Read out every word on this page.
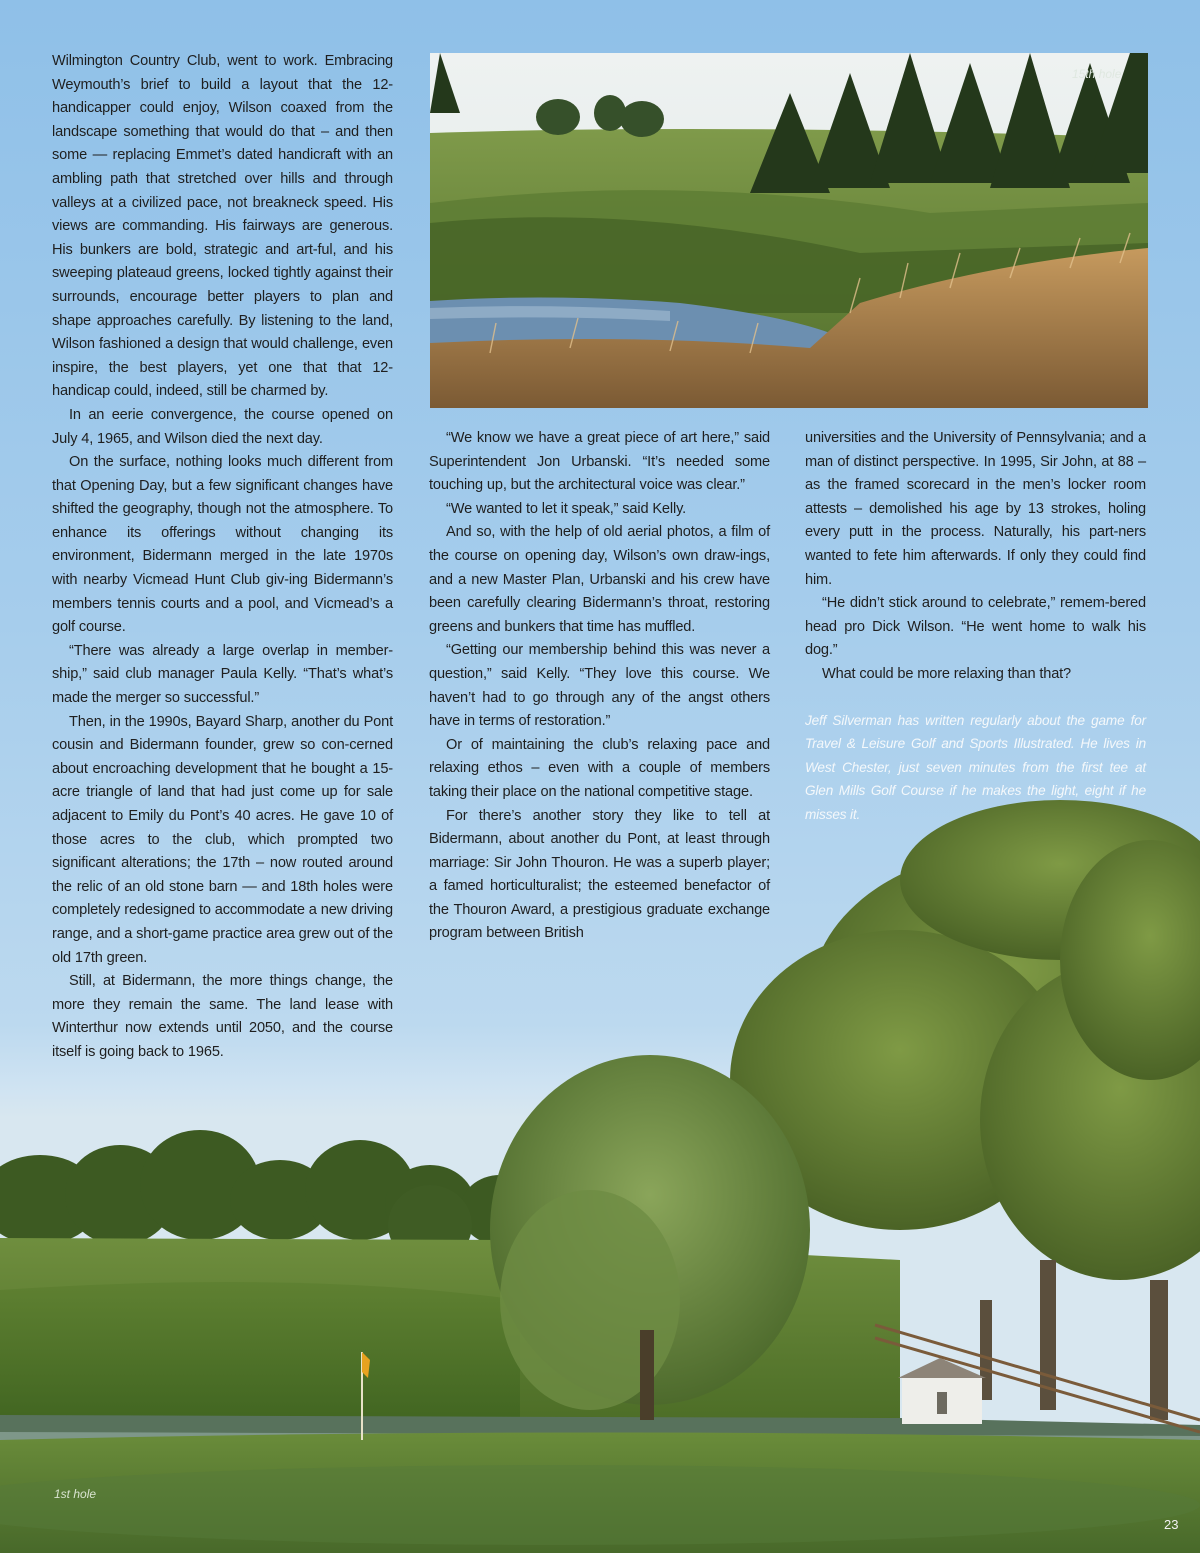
15th hole
1st hole

Wilmington Country Club, went to work. Embracing Weymouth’s brief to build a layout that the 12-handicapper could enjoy, Wilson coaxed from the landscape something that would do that – and then some — replacing Emmet’s dated handicraft with an ambling path that stretched over hills and through valleys at a civilized pace, not breakneck speed. His views are commanding. His fairways are generous. His bunkers are bold, strategic and art-ful, and his sweeping plateaud greens, locked tightly against their surrounds, encourage better players to plan and shape approaches carefully. By listening to the land, Wilson fashioned a design that would challenge, even inspire, the best players, yet one that that 12-handicap could, indeed, still be charmed by.

In an eerie convergence, the course opened on July 4, 1965, and Wilson died the next day.

On the surface, nothing looks much different from that Opening Day, but a few significant changes have shifted the geography, though not the atmosphere. To enhance its offerings without changing its environment, Bidermann merged in the late 1970s with nearby Vicmead Hunt Club giv-ing Bidermann’s members tennis courts and a pool, and Vicmead’s a golf course.

“There was already a large overlap in member-ship,” said club manager Paula Kelly. “That’s what’s made the merger so successful.”

Then, in the 1990s, Bayard Sharp, another du Pont cousin and Bidermann founder, grew so con-cerned about encroaching development that he bought a 15-acre triangle of land that had just come up for sale adjacent to Emily du Pont’s 40 acres. He gave 10 of those acres to the club, which prompted two significant alterations; the 17th – now routed around the relic of an old stone barn — and 18th holes were completely redesigned to accommodate a new driving range, and a short-game practice area grew out of the old 17th green.

Still, at Bidermann, the more things change, the more they remain the same. The land lease with Winterthur now extends until 2050, and the course itself is going back to 1965.

“We know we have a great piece of art here,” said Superintendent Jon Urbanski. “It’s needed some touching up, but the architectural voice was clear.”

“We wanted to let it speak,” said Kelly.

And so, with the help of old aerial photos, a film of the course on opening day, Wilson’s own draw-ings, and a new Master Plan, Urbanski and his crew have been carefully clearing Bidermann’s throat, restoring greens and bunkers that time has muffled.

“Getting our membership behind this was never a question,” said Kelly. “They love this course. We haven’t had to go through any of the angst others have in terms of restoration.”

Or of maintaining the club’s relaxing pace and relaxing ethos – even with a couple of members taking their place on the national competitive stage.

For there’s another story they like to tell at Bidermann, about another du Pont, at least through marriage: Sir John Thouron. He was a superb player; a famed horticulturalist; the esteemed benefactor of the Thouron Award, a prestigious graduate exchange program between British

universities and the University of Pennsylvania; and a man of distinct perspective. In 1995, Sir John, at 88 – as the framed scorecard in the men’s locker room attests – demolished his age by 13 strokes, holing every putt in the process. Naturally, his part-ners wanted to fete him afterwards. If only they could find him.

“He didn’t stick around to celebrate,” remem-bered head pro Dick Wilson. “He went home to walk his dog.”

What could be more relaxing than that?

Jeff Silverman has written regularly about the game for Travel & Leisure Golf and Sports Illustrated. He lives in West Chester, just seven minutes from the first tee at Glen Mills Golf Course if he makes the light, eight if he misses it.

23
